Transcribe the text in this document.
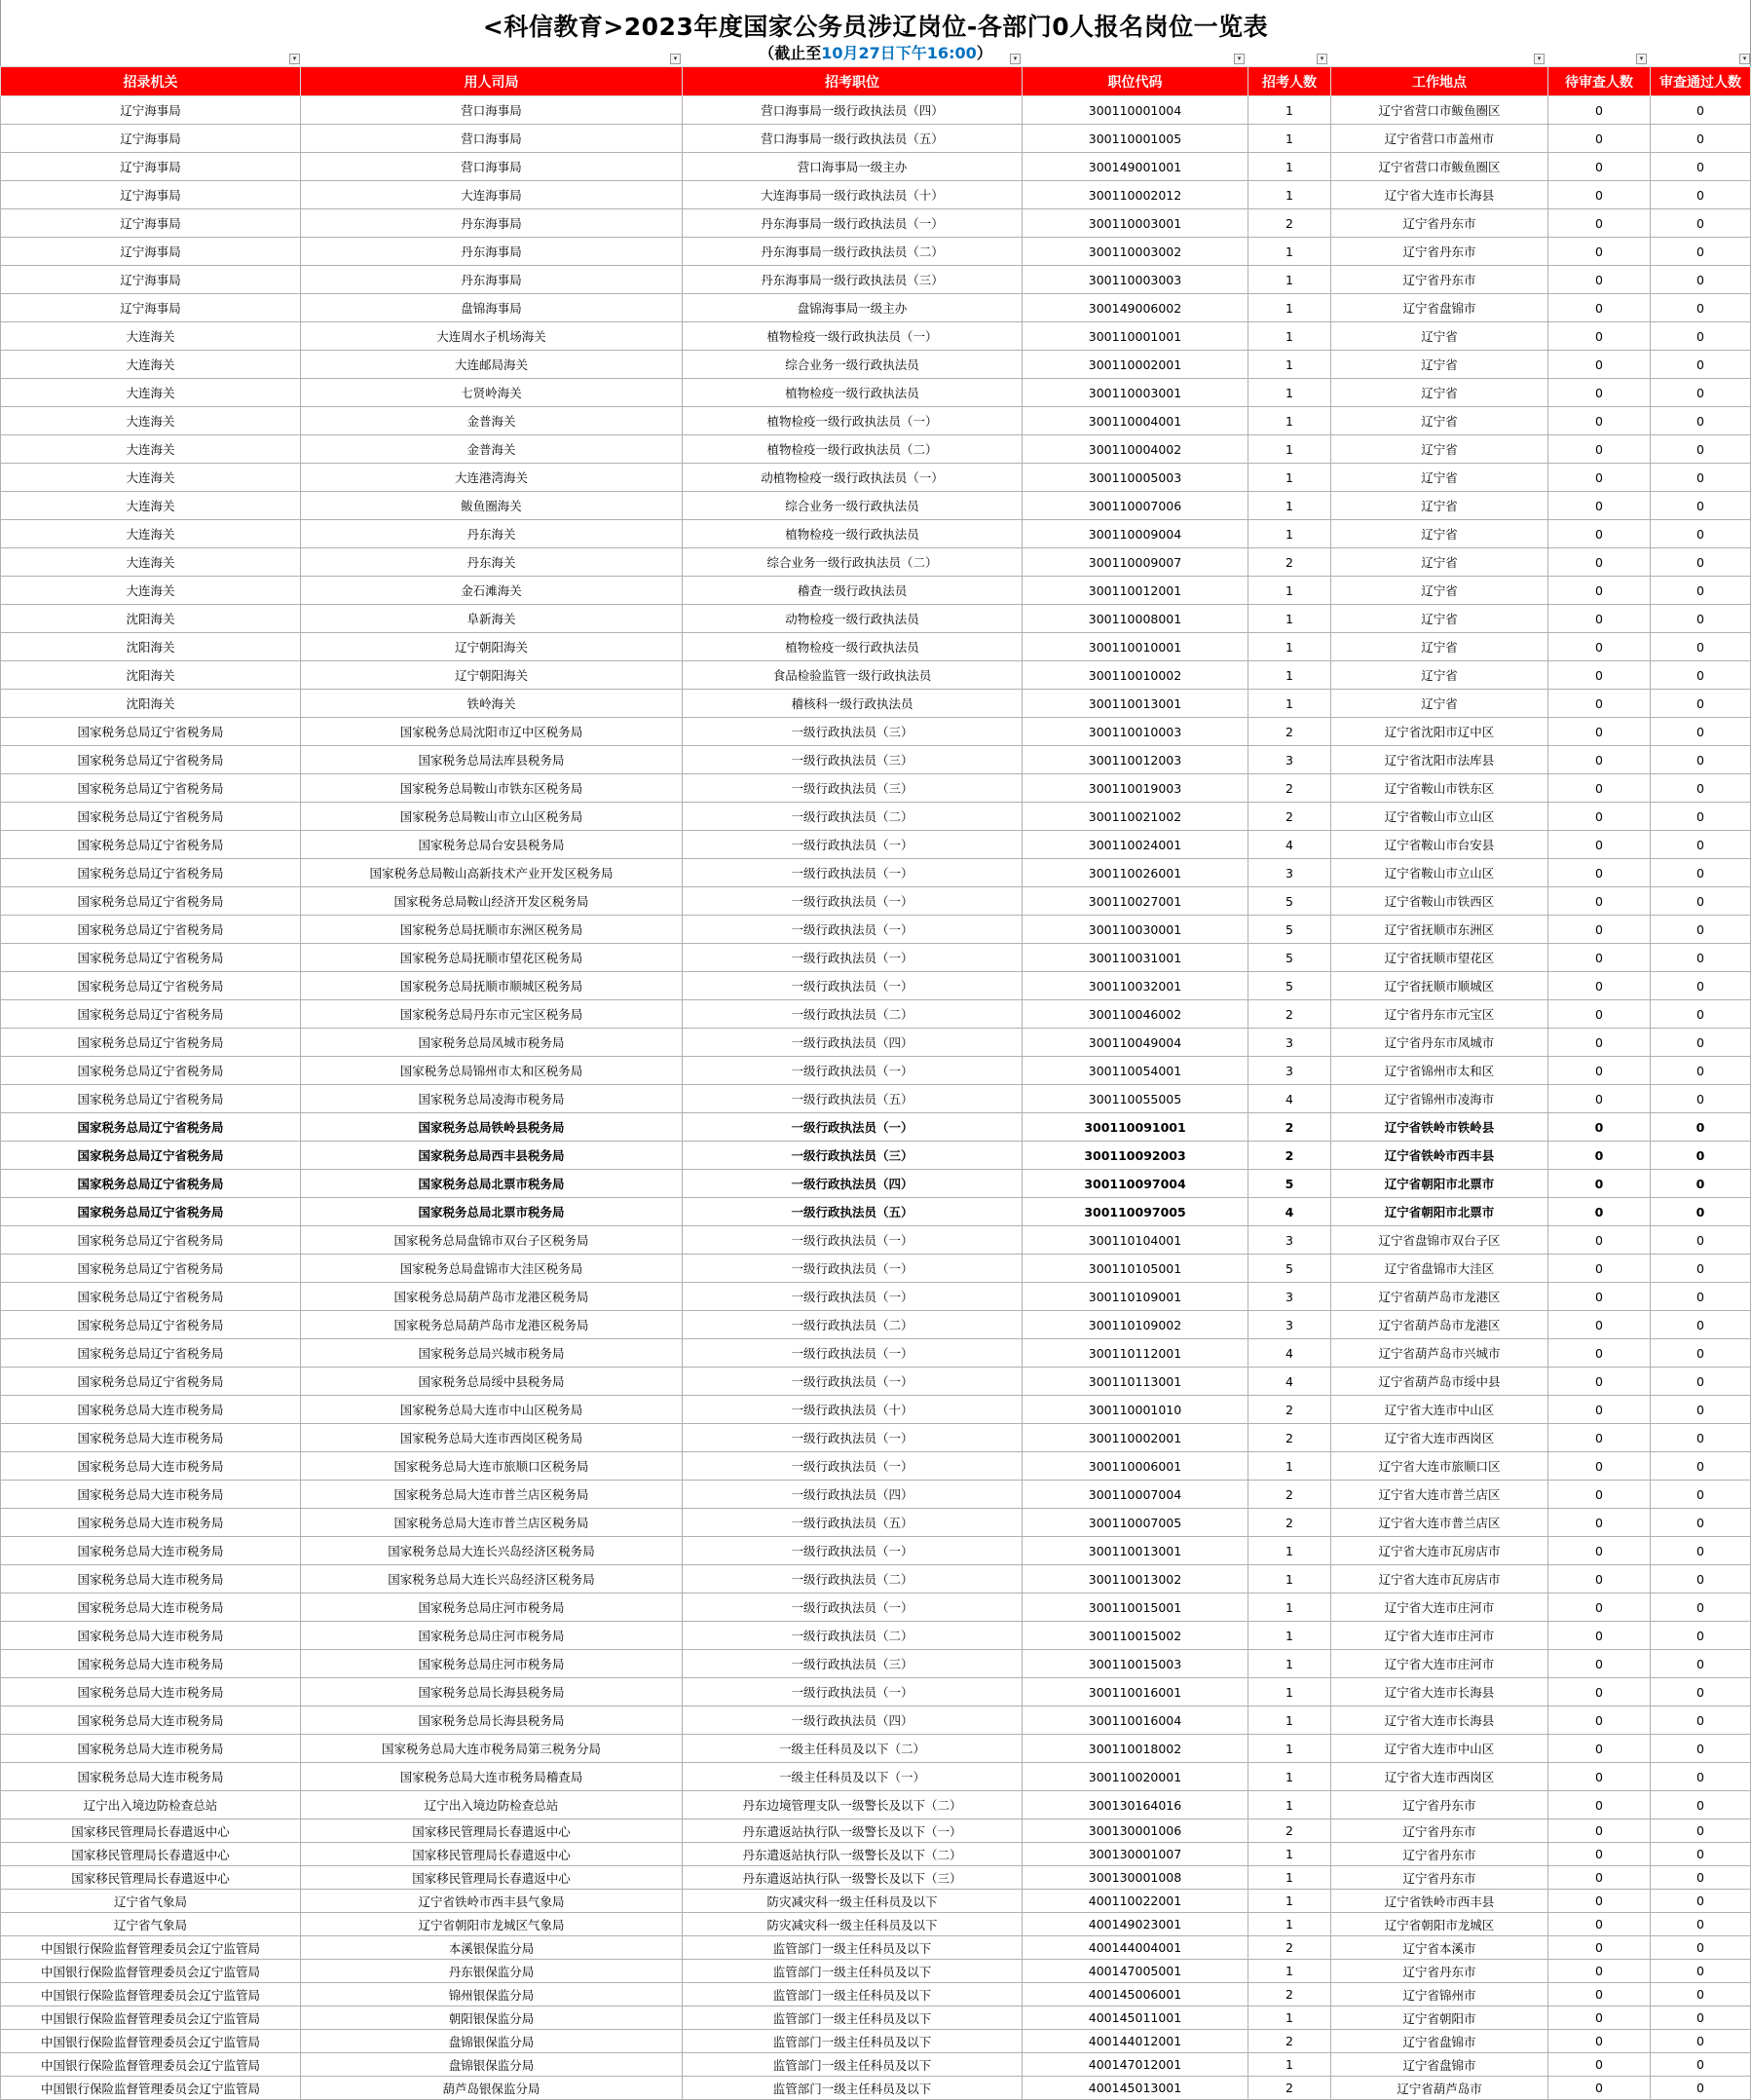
<科信教育>2023年度国家公务员涉辽岗位-各部门0人报名岗位一览表
（截止至10月27日下午16:00）
▾	▾	▾	▾	▾	▾	▾	▾
招录机关	用人司局	招考职位	职位代码	招考人数	工作地点	待审查人数	审查通过人数
辽宁海事局	营口海事局	营口海事局一级行政执法员（四）	300110001004	1	辽宁省营口市鲅鱼圈区	0	0
辽宁海事局	营口海事局	营口海事局一级行政执法员（五）	300110001005	1	辽宁省营口市盖州市	0	0
辽宁海事局	营口海事局	营口海事局一级主办	300149001001	1	辽宁省营口市鲅鱼圈区	0	0
辽宁海事局	大连海事局	大连海事局一级行政执法员（十）	300110002012	1	辽宁省大连市长海县	0	0
辽宁海事局	丹东海事局	丹东海事局一级行政执法员（一）	300110003001	2	辽宁省丹东市	0	0
辽宁海事局	丹东海事局	丹东海事局一级行政执法员（二）	300110003002	1	辽宁省丹东市	0	0
辽宁海事局	丹东海事局	丹东海事局一级行政执法员（三）	300110003003	1	辽宁省丹东市	0	0
辽宁海事局	盘锦海事局	盘锦海事局一级主办	300149006002	1	辽宁省盘锦市	0	0
大连海关	大连周水子机场海关	植物检疫一级行政执法员（一）	300110001001	1	辽宁省	0	0
大连海关	大连邮局海关	综合业务一级行政执法员	300110002001	1	辽宁省	0	0
大连海关	七贤岭海关	植物检疫一级行政执法员	300110003001	1	辽宁省	0	0
大连海关	金普海关	植物检疫一级行政执法员（一）	300110004001	1	辽宁省	0	0
大连海关	金普海关	植物检疫一级行政执法员（二）	300110004002	1	辽宁省	0	0
大连海关	大连港湾海关	动植物检疫一级行政执法员（一）	300110005003	1	辽宁省	0	0
大连海关	鲅鱼圈海关	综合业务一级行政执法员	300110007006	1	辽宁省	0	0
大连海关	丹东海关	植物检疫一级行政执法员	300110009004	1	辽宁省	0	0
大连海关	丹东海关	综合业务一级行政执法员（二）	300110009007	2	辽宁省	0	0
大连海关	金石滩海关	稽查一级行政执法员	300110012001	1	辽宁省	0	0
沈阳海关	阜新海关	动物检疫一级行政执法员	300110008001	1	辽宁省	0	0
沈阳海关	辽宁朝阳海关	植物检疫一级行政执法员	300110010001	1	辽宁省	0	0
沈阳海关	辽宁朝阳海关	食品检验监管一级行政执法员	300110010002	1	辽宁省	0	0
沈阳海关	铁岭海关	稽核科一级行政执法员	300110013001	1	辽宁省	0	0
国家税务总局辽宁省税务局	国家税务总局沈阳市辽中区税务局	一级行政执法员（三）	300110010003	2	辽宁省沈阳市辽中区	0	0
国家税务总局辽宁省税务局	国家税务总局法库县税务局	一级行政执法员（三）	300110012003	3	辽宁省沈阳市法库县	0	0
国家税务总局辽宁省税务局	国家税务总局鞍山市铁东区税务局	一级行政执法员（三）	300110019003	2	辽宁省鞍山市铁东区	0	0
国家税务总局辽宁省税务局	国家税务总局鞍山市立山区税务局	一级行政执法员（二）	300110021002	2	辽宁省鞍山市立山区	0	0
国家税务总局辽宁省税务局	国家税务总局台安县税务局	一级行政执法员（一）	300110024001	4	辽宁省鞍山市台安县	0	0
国家税务总局辽宁省税务局	国家税务总局鞍山高新技术产业开发区税务局	一级行政执法员（一）	300110026001	3	辽宁省鞍山市立山区	0	0
国家税务总局辽宁省税务局	国家税务总局鞍山经济开发区税务局	一级行政执法员（一）	300110027001	5	辽宁省鞍山市铁西区	0	0
国家税务总局辽宁省税务局	国家税务总局抚顺市东洲区税务局	一级行政执法员（一）	300110030001	5	辽宁省抚顺市东洲区	0	0
国家税务总局辽宁省税务局	国家税务总局抚顺市望花区税务局	一级行政执法员（一）	300110031001	5	辽宁省抚顺市望花区	0	0
国家税务总局辽宁省税务局	国家税务总局抚顺市顺城区税务局	一级行政执法员（一）	300110032001	5	辽宁省抚顺市顺城区	0	0
国家税务总局辽宁省税务局	国家税务总局丹东市元宝区税务局	一级行政执法员（二）	300110046002	2	辽宁省丹东市元宝区	0	0
国家税务总局辽宁省税务局	国家税务总局凤城市税务局	一级行政执法员（四）	300110049004	3	辽宁省丹东市凤城市	0	0
国家税务总局辽宁省税务局	国家税务总局锦州市太和区税务局	一级行政执法员（一）	300110054001	3	辽宁省锦州市太和区	0	0
国家税务总局辽宁省税务局	国家税务总局凌海市税务局	一级行政执法员（五）	300110055005	4	辽宁省锦州市凌海市	0	0
国家税务总局辽宁省税务局	国家税务总局铁岭县税务局	一级行政执法员（一）	300110091001	2	辽宁省铁岭市铁岭县	0	0
国家税务总局辽宁省税务局	国家税务总局西丰县税务局	一级行政执法员（三）	300110092003	2	辽宁省铁岭市西丰县	0	0
国家税务总局辽宁省税务局	国家税务总局北票市税务局	一级行政执法员（四）	300110097004	5	辽宁省朝阳市北票市	0	0
国家税务总局辽宁省税务局	国家税务总局北票市税务局	一级行政执法员（五）	300110097005	4	辽宁省朝阳市北票市	0	0
国家税务总局辽宁省税务局	国家税务总局盘锦市双台子区税务局	一级行政执法员（一）	300110104001	3	辽宁省盘锦市双台子区	0	0
国家税务总局辽宁省税务局	国家税务总局盘锦市大洼区税务局	一级行政执法员（一）	300110105001	5	辽宁省盘锦市大洼区	0	0
国家税务总局辽宁省税务局	国家税务总局葫芦岛市龙港区税务局	一级行政执法员（一）	300110109001	3	辽宁省葫芦岛市龙港区	0	0
国家税务总局辽宁省税务局	国家税务总局葫芦岛市龙港区税务局	一级行政执法员（二）	300110109002	3	辽宁省葫芦岛市龙港区	0	0
国家税务总局辽宁省税务局	国家税务总局兴城市税务局	一级行政执法员（一）	300110112001	4	辽宁省葫芦岛市兴城市	0	0
国家税务总局辽宁省税务局	国家税务总局绥中县税务局	一级行政执法员（一）	300110113001	4	辽宁省葫芦岛市绥中县	0	0
国家税务总局大连市税务局	国家税务总局大连市中山区税务局	一级行政执法员（十）	300110001010	2	辽宁省大连市中山区	0	0
国家税务总局大连市税务局	国家税务总局大连市西岗区税务局	一级行政执法员（一）	300110002001	2	辽宁省大连市西岗区	0	0
国家税务总局大连市税务局	国家税务总局大连市旅顺口区税务局	一级行政执法员（一）	300110006001	1	辽宁省大连市旅顺口区	0	0
国家税务总局大连市税务局	国家税务总局大连市普兰店区税务局	一级行政执法员（四）	300110007004	2	辽宁省大连市普兰店区	0	0
国家税务总局大连市税务局	国家税务总局大连市普兰店区税务局	一级行政执法员（五）	300110007005	2	辽宁省大连市普兰店区	0	0
国家税务总局大连市税务局	国家税务总局大连长兴岛经济区税务局	一级行政执法员（一）	300110013001	1	辽宁省大连市瓦房店市	0	0
国家税务总局大连市税务局	国家税务总局大连长兴岛经济区税务局	一级行政执法员（二）	300110013002	1	辽宁省大连市瓦房店市	0	0
国家税务总局大连市税务局	国家税务总局庄河市税务局	一级行政执法员（一）	300110015001	1	辽宁省大连市庄河市	0	0
国家税务总局大连市税务局	国家税务总局庄河市税务局	一级行政执法员（二）	300110015002	1	辽宁省大连市庄河市	0	0
国家税务总局大连市税务局	国家税务总局庄河市税务局	一级行政执法员（三）	300110015003	1	辽宁省大连市庄河市	0	0
国家税务总局大连市税务局	国家税务总局长海县税务局	一级行政执法员（一）	300110016001	1	辽宁省大连市长海县	0	0
国家税务总局大连市税务局	国家税务总局长海县税务局	一级行政执法员（四）	300110016004	1	辽宁省大连市长海县	0	0
国家税务总局大连市税务局	国家税务总局大连市税务局第三税务分局	一级主任科员及以下（二）	300110018002	1	辽宁省大连市中山区	0	0
国家税务总局大连市税务局	国家税务总局大连市税务局稽查局	一级主任科员及以下（一）	300110020001	1	辽宁省大连市西岗区	0	0
辽宁出入境边防检查总站	辽宁出入境边防检查总站	丹东边境管理支队一级警长及以下（二）	300130164016	1	辽宁省丹东市	0	0
国家移民管理局长春遣返中心	国家移民管理局长春遣返中心	丹东遣返站执行队一级警长及以下（一）	300130001006	2	辽宁省丹东市	0	0
国家移民管理局长春遣返中心	国家移民管理局长春遣返中心	丹东遣返站执行队一级警长及以下（二）	300130001007	1	辽宁省丹东市	0	0
国家移民管理局长春遣返中心	国家移民管理局长春遣返中心	丹东遣返站执行队一级警长及以下（三）	300130001008	1	辽宁省丹东市	0	0
辽宁省气象局	辽宁省铁岭市西丰县气象局	防灾减灾科一级主任科员及以下	400110022001	1	辽宁省铁岭市西丰县	0	0
辽宁省气象局	辽宁省朝阳市龙城区气象局	防灾减灾科一级主任科员及以下	400149023001	1	辽宁省朝阳市龙城区	0	0
中国银行保险监督管理委员会辽宁监管局	本溪银保监分局	监管部门一级主任科员及以下	400144004001	2	辽宁省本溪市	0	0
中国银行保险监督管理委员会辽宁监管局	丹东银保监分局	监管部门一级主任科员及以下	400147005001	1	辽宁省丹东市	0	0
中国银行保险监督管理委员会辽宁监管局	锦州银保监分局	监管部门一级主任科员及以下	400145006001	2	辽宁省锦州市	0	0
中国银行保险监督管理委员会辽宁监管局	朝阳银保监分局	监管部门一级主任科员及以下	400145011001	1	辽宁省朝阳市	0	0
中国银行保险监督管理委员会辽宁监管局	盘锦银保监分局	监管部门一级主任科员及以下	400144012001	2	辽宁省盘锦市	0	0
中国银行保险监督管理委员会辽宁监管局	盘锦银保监分局	监管部门一级主任科员及以下	400147012001	1	辽宁省盘锦市	0	0
中国银行保险监督管理委员会辽宁监管局	葫芦岛银保监分局	监管部门一级主任科员及以下	400145013001	2	辽宁省葫芦岛市	0	0
